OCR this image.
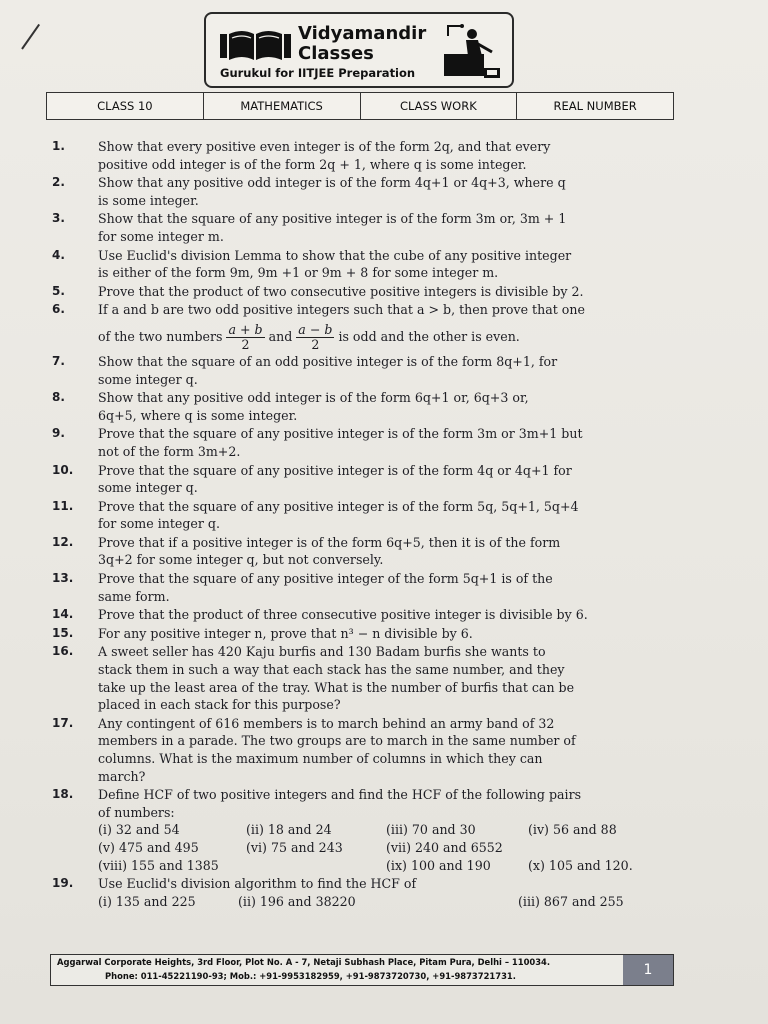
Vidyamandir
Classes
Gurukul for IITJEE Preparation
CLASS 10	MATHEMATICS	CLASS WORK	REAL NUMBER
1.	Show that every positive even integer is of the form 2q, and that every
positive odd integer is of the form 2q + 1, where q is some integer.
2.	Show that any positive odd integer is of the form 4q+1 or 4q+3, where q
is some integer.
3.	Show that the square of any positive integer is of the form 3m or, 3m + 1
for some integer m.
4.	Use Euclid's division Lemma to show that the cube of any positive integer
is either of the form 9m, 9m +1 or 9m + 8 for some integer m.
5.	Prove that the product of two consecutive positive integers is divisible by 2.
6.	If a and b are two odd positive integers such that a > b, then prove that one
of the two numbers $\frac{a + b}{2}$ and $\frac{a - b}{2}$ is odd and the other is even.
7.	Show that the square of an odd positive integer is of the form 8q+1, for
some integer q.
8.	Show that any positive odd integer is of the form 6q+1 or, 6q+3 or,
6q+5, where q is some integer.
9.	Prove that the square of any positive integer is of the form 3m or 3m+1 but
not of the form 3m+2.
10. Prove that the square of any positive integer is of the form 4q or 4q+1 for
some integer q.
11. Prove that the square of any positive integer is of the form 5q, 5q+1, 5q+4
for some integer q.
12. Prove that if a positive integer is of the form 6q+5, then it is of the form
3q+2 for some integer q, but not conversely.
13. Prove that the square of any positive integer of the form 5q+1 is of the
same form.
14. Prove that the product of three consecutive positive integer is divisible by 6.
15. For any positive integer n, prove that n³ − n divisible by 6.
16. A sweet seller has 420 Kaju burfis and 130 Badam burfis she wants to
stack them in such a way that each stack has the same number, and they
take up the least area of the tray. What is the number of burfis that can be
placed in each stack for this purpose?
17. Any contingent of 616 members is to march behind an army band of 32
members in a parade. The two groups are to march in the same number of
columns. What is the maximum number of columns in which they can
march?
18. Define HCF of two positive integers and find the HCF of the following pairs
of numbers:
(i) 32 and 54	(ii) 18 and 24	(iii) 70 and 30	(iv) 56 and 88
(v) 475 and 495	(vi) 75 and 243	(vii) 240 and 6552
(viii) 155 and 1385	(ix) 100 and 190	(x) 105 and 120.
19. Use Euclid's division algorithm to find the HCF of
(i) 135 and 225	(ii) 196 and 38220	(iii) 867 and 255
Aggarwal Corporate Heights, 3rd Floor, Plot No. A - 7, Netaji Subhash Place, Pitam Pura, Delhi – 110034.
Phone: 011-45221190-93; Mob.: +91-9953182959, +91-9873720730, +91-9873721731.	1
